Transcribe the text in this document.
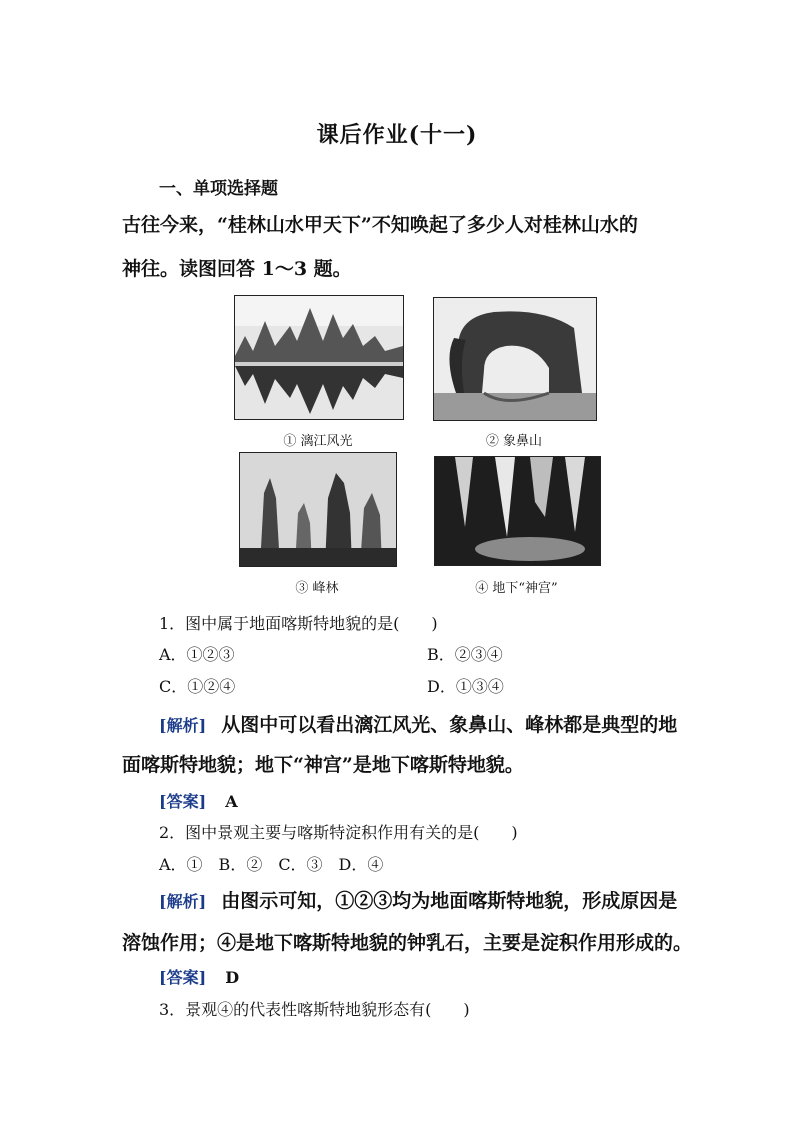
课后作业(十一)
一、单项选择题
古往今来，“桂林山水甲天下”不知唤起了多少人对桂林山水的
神往。读图回答 1～3 题。
① 漓江风光	② 象鼻山
③ 峰林	④ 地下“神宫”
1．图中属于地面喀斯特地貌的是(　　)
A．①②③	B．②③④
C．①②④	D．①③④
[解析] 从图中可以看出漓江风光、象鼻山、峰林都是典型的地
面喀斯特地貌；地下“神宫”是地下喀斯特地貌。
[答案] A
2．图中景观主要与喀斯特淀积作用有关的是(　　)
A．①　B．②　C．③　D．④
[解析] 由图示可知，①②③均为地面喀斯特地貌，形成原因是
溶蚀作用；④是地下喀斯特地貌的钟乳石，主要是淀积作用形成的。
[答案] D
3．景观④的代表性喀斯特地貌形态有(　　)
